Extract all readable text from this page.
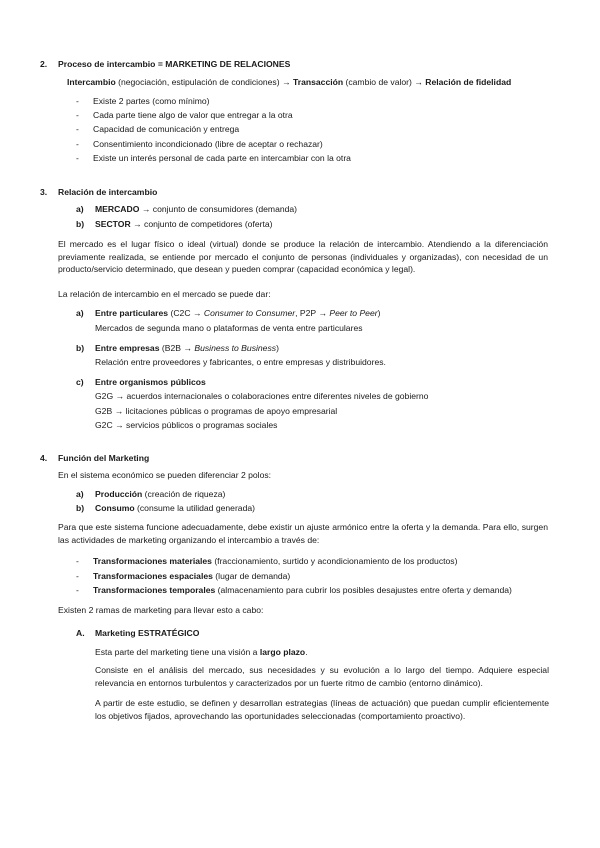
2. Proceso de intercambio = MARKETING DE RELACIONES
Intercambio (negociación, estipulación de condiciones) → Transacción (cambio de valor) → Relación de fidelidad
- Existe 2 partes (como mínimo)
- Cada parte tiene algo de valor que entregar a la otra
- Capacidad de comunicación y entrega
- Consentimiento incondicionado (libre de aceptar o rechazar)
- Existe un interés personal de cada parte en intercambiar con la otra
3. Relación de intercambio
a) MERCADO → conjunto de consumidores (demanda)
b) SECTOR → conjunto de competidores (oferta)
El mercado es el lugar físico o ideal (virtual) donde se produce la relación de intercambio. Atendiendo a la diferenciación previamente realizada, se entiende por mercado el conjunto de personas (individuales y organizadas), con necesidad de un producto/servicio determinado, que desean y pueden comprar (capacidad económica y legal).
La relación de intercambio en el mercado se puede dar:
a) Entre particulares (C2C → Consumer to Consumer, P2P → Peer to Peer)
Mercados de segunda mano o plataformas de venta entre particulares
b) Entre empresas (B2B → Business to Business)
Relación entre proveedores y fabricantes, o entre empresas y distribuidores.
c) Entre organismos públicos
G2G → acuerdos internacionales o colaboraciones entre diferentes niveles de gobierno
G2B → licitaciones públicas o programas de apoyo empresarial
G2C → servicios públicos o programas sociales
4. Función del Marketing
En el sistema económico se pueden diferenciar 2 polos:
a) Producción (creación de riqueza)
b) Consumo (consume la utilidad generada)
Para que este sistema funcione adecuadamente, debe existir un ajuste armónico entre la oferta y la demanda. Para ello, surgen las actividades de marketing organizando el intercambio a través de:
- Transformaciones materiales (fraccionamiento, surtido y acondicionamiento de los productos)
- Transformaciones espaciales (lugar de demanda)
- Transformaciones temporales (almacenamiento para cubrir los posibles desajustes entre oferta y demanda)
Existen 2 ramas de marketing para llevar esto a cabo:
A. Marketing ESTRATÉGICO
Esta parte del marketing tiene una visión a largo plazo.
Consiste en el análisis del mercado, sus necesidades y su evolución a lo largo del tiempo. Adquiere especial relevancia en entornos turbulentos y caracterizados por un fuerte ritmo de cambio (entorno dinámico).
A partir de este estudio, se definen y desarrollan estrategias (líneas de actuación) que puedan cumplir eficientemente los objetivos fijados, aprovechando las oportunidades seleccionadas (comportamiento proactivo).
